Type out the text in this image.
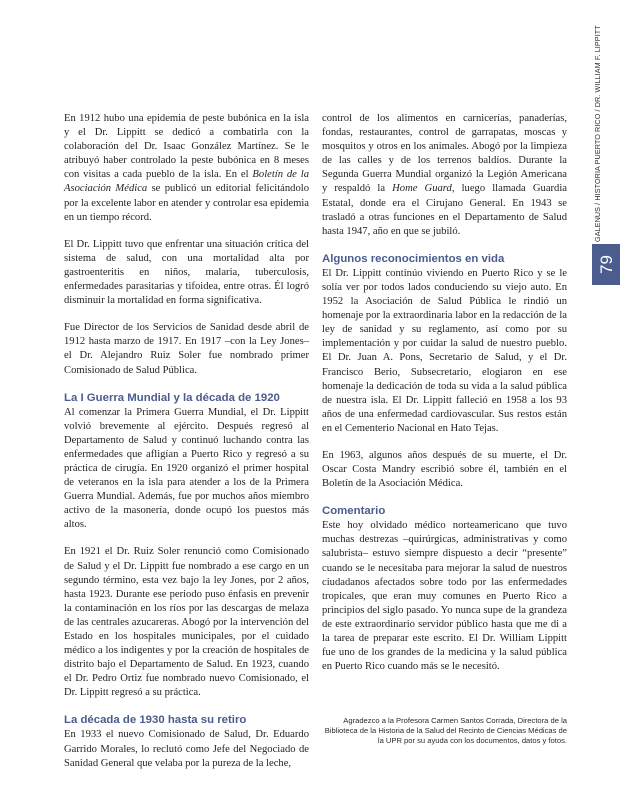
GALENUS / HISTORIA PUERTO RICO / DR. WILLIAM F. LIPPITT
79

En 1912 hubo una epidemia de peste bubónica en la isla y el Dr. Lippitt se dedicó a combatirla con la colaboración del Dr. Isaac González Martínez. Se le atribuyó haber controlado la peste bubónica en 8 meses con visitas a cada pueblo de la isla. En el Boletín de la Asociación Médica se publicó un editorial felicitándolo por la excelente labor en atender y controlar esa epidemia en un tiempo récord.

El Dr. Lippitt tuvo que enfrentar una situación crítica del sistema de salud, con una mortalidad alta por gastroenteritis en niños, malaria, tuberculosis, enfermedades parasitarias y tifoidea, entre otras. Él logró disminuir la mortalidad en forma significativa.

Fue Director de los Servicios de Sanidad desde abril de 1912 hasta marzo de 1917. En 1917 –con la Ley Jones– el Dr. Alejandro Ruiz Soler fue nombrado primer Comisionado de Salud Pública.

La I Guerra Mundial y la década de 1920

Al comenzar la Primera Guerra Mundial, el Dr. Lippitt volvió brevemente al ejército. Después regresó al Departamento de Salud y continuó luchando contra las enfermedades que afligían a Puerto Rico y regresó a su práctica de cirugía. En 1920 organizó el primer hospital de veteranos en la isla para atender a los de la Primera Guerra Mundial. Además, fue por muchos años miembro activo de la masonería, donde ocupó los puestos más altos.

En 1921 el Dr. Ruiz Soler renunció como Comisionado de Salud y el Dr. Lippitt fue nombrado a ese cargo en un segundo término, esta vez bajo la ley Jones, por 2 años, hasta 1923. Durante ese periodo puso énfasis en prevenir la contaminación en los ríos por las descargas de melaza de las centrales azucareras. Abogó por la intervención del Estado en los hospitales municipales, por el cuidado médico a los indigentes y por la creación de hospitales de distrito bajo el Departamento de Salud. En 1923, cuando el Dr. Pedro Ortiz fue nombrado nuevo Comisionado, el Dr. Lippitt regresó a su práctica.

La década de 1930 hasta su retiro

En 1933 el nuevo Comisionado de Salud, Dr. Eduardo Garrido Morales, lo reclutó como Jefe del Negociado de Sanidad General que velaba por la pureza de la leche,

control de los alimentos en carnicerías, panaderías, fondas, restaurantes, control de garrapatas, moscas y mosquitos y otros en los animales. Abogó por la limpieza de las calles y de los terrenos baldíos. Durante la Segunda Guerra Mundial organizó la Legión Americana y respaldó la Home Guard, luego llamada Guardia Estatal, donde era el Cirujano General. En 1943 se trasladó a otras funciones en el Departamento de Salud hasta 1947, año en que se jubiló.

Algunos reconocimientos en vida

El Dr. Lippitt continúo viviendo en Puerto Rico y se le solía ver por todos lados conduciendo su viejo auto. En 1952 la Asociación de Salud Pública le rindió un homenaje por la extraordinaria labor en la redacción de la ley de sanidad y su reglamento, así como por su implementación y por cuidar la salud de nuestro pueblo. El Dr. Juan A. Pons, Secretario de Salud, y el Dr. Francisco Berio, Subsecretario, elogiaron en ese homenaje la dedicación de toda su vida a la salud pública de nuestra isla. El Dr. Lippitt falleció en 1958 a los 93 años de una enfermedad cardiovascular. Sus restos están en el Cementerio Nacional en Hato Tejas.

En 1963, algunos años después de su muerte, el Dr. Oscar Costa Mandry escribió sobre él, también en el Boletín de la Asociación Médica.

Comentario

Este hoy olvidado médico norteamericano que tuvo muchas destrezas –quirúrgicas, administrativas y como salubrista– estuvo siempre dispuesto a decir “presente” cuando se le necesitaba para mejorar la salud de nuestros ciudadanos afectados sobre todo por las enfermedades tropicales, que eran muy comunes en Puerto Rico a principios del siglo pasado. Yo nunca supe de la grandeza de este extraordinario servidor público hasta que me di a la tarea de preparar este escrito. El Dr. William Lippitt fue uno de los grandes de la medicina y la salud pública en Puerto Rico cuando más se le necesitó.

Agradezco a la Profesora Carmen Santos Corrada, Directora de la Biblioteca de la Historia de la Salud del Recinto de Ciencias Médicas de la UPR por su ayuda con los documentos, datos y fotos.
